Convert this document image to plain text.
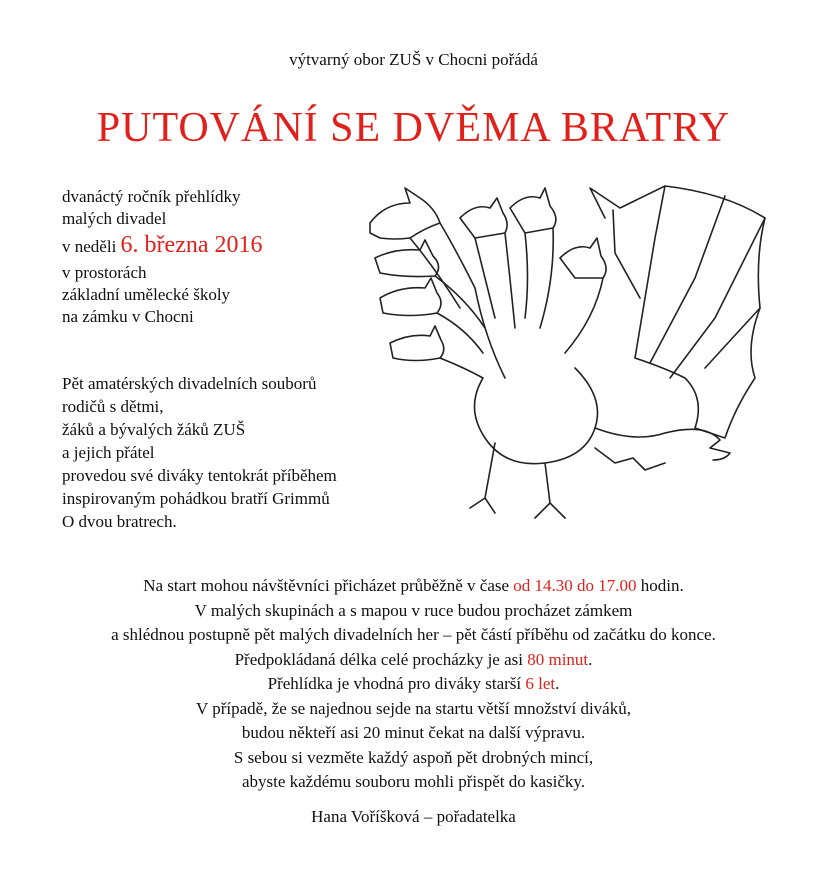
výtvarný obor ZUŠ v Chocni pořádá
PUTOVÁNÍ SE DVĚMA BRATRY
dvanáctý ročník přehlídky
malých divadel
v neděli 6. března 2016
v prostorách
základní umělecké školy
na zámku v Chocni
Pět amatérských divadelních souborů
rodičů s dětmi,
žáků a bývalých žáků ZUŠ
a jejich přátel
provedou své diváky tentokrát příběhem
inspirovaným pohádkou bratří Grimmů
O dvou bratrech.
Na start mohou návštěvníci přicházet průběžně v čase od 14.30 do 17.00 hodin.
V malých skupinách a s mapou v ruce budou procházet zámkem
a shlédnou postupně pět malých divadelních her – pět částí příběhu od začátku do konce.
Předpokládaná délka celé procházky je asi 80 minut.
Přehlídka je vhodná pro diváky starší 6 let.
V případě, že se najednou sejde na startu větší množství diváků,
budou někteří asi 20 minut čekat na další výpravu.
S sebou si vezměte každý aspoň pět drobných mincí,
abyste každému souboru mohli přispět do kasičky.
Hana Voříšková – pořadatelka
